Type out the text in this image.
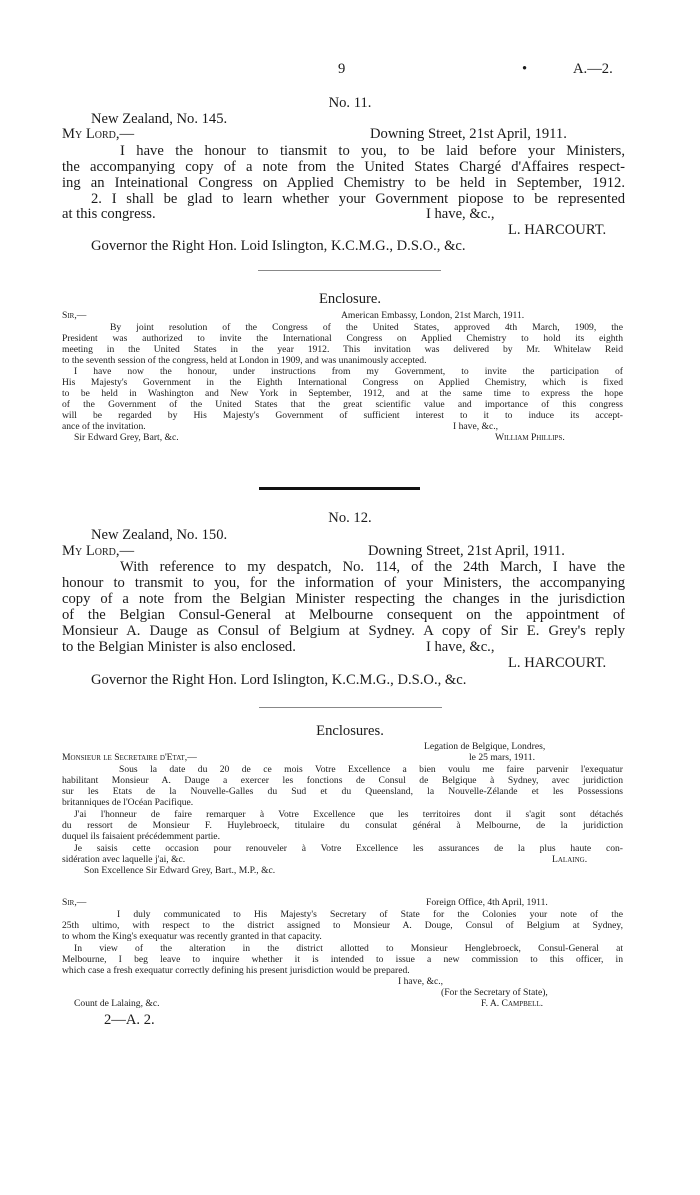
9	•	A.—2.
No. 11.
New Zealand, No. 145.
My Lord,—	Downing Street, 21st April, 1911.
I have the honour to tiansmit to you, to be laid before your Ministers,
the accompanying copy of a note from the United States Chargé d'Affaires respect-
ing an Inteinational Congress on Applied Chemistry to be held in September, 1912.
2. I shall be glad to learn whether your Government piopose to be represented
at this congress.	I have, &c.,
L. HARCOURT.
Governor the Right Hon. Loid Islington, K.C.M.G., D.S.O., &c.
Enclosure.
Sir,—	American Embassy, London, 21st March, 1911.
By joint resolution of the Congress of the United States, approved 4th March, 1909, the
President was authorized to invite the International Congress on Applied Chemistry to hold its eighth
meeting in the United States in the year 1912. This invitation was delivered by Mr. Whitelaw Reid
to the seventh session of the congress, held at London in 1909, and was unanimously accepted.
I have now the honour, under instructions from my Government, to invite the participation of
His Majesty's Government in the Eighth International Congress on Applied Chemistry, which is fixed
to be held in Washington and New York in September, 1912, and at the same time to express the hope
of the Government of the United States that the great scientific value and importance of this congress
will be regarded by His Majesty's Government of sufficient interest to it to induce its accept-
ance of the invitation.	I have, &c.,
Sir Edward Grey, Bart, &c.	William Phillips.
No. 12.
New Zealand, No. 150.
My Lord,—	Downing Street, 21st April, 1911.
With reference to my despatch, No. 114, of the 24th March, I have the
honour to transmit to you, for the information of your Ministers, the accompanying
copy of a note from the Belgian Minister respecting the changes in the jurisdiction
of the Belgian Consul-General at Melbourne consequent on the appointment of
Monsieur A. Dauge as Consul of Belgium at Sydney. A copy of Sir E. Grey's reply
to the Belgian Minister is also enclosed.	I have, &c.,
L. HARCOURT.
Governor the Right Hon. Lord Islington, K.C.M.G., D.S.O., &c.
Enclosures.
Legation de Belgique, Londres,
Monsieur le Secretaire d'Etat,—	le 25 mars, 1911.
Sous la date du 20 de ce mois Votre Excellence a bien voulu me faire parvenir l'exequatur
habilitant Monsieur A. Dauge a exercer les fonctions de Consul de Belgique à Sydney, avec juridiction
sur les Etats de la Nouvelle-Galles du Sud et du Queensland, la Nouvelle-Zélande et les Possessions
britanniques de l'Océan Pacifique.
J'ai l'honneur de faire remarquer à Votre Excellence que les territoires dont il s'agit sont détachés
du ressort de Monsieur F. Huylebroeck, titulaire du consulat général à Melbourne, de la juridiction
duquel ils faisaient précédemment partie.
Je saisis cette occasion pour renouveler à Votre Excellence les assurances de la plus haute con-
sidération avec laquelle j'ai, &c.	Lalaing.
Son Excellence Sir Edward Grey, Bart., M.P., &c.
Sir,—	Foreign Office, 4th April, 1911.
I duly communicated to His Majesty's Secretary of State for the Colonies your note of the
25th ultimo, with respect to the district assigned to Monsieur A. Douge, Consul of Belgium at Sydney,
to whom the King's exequatur was recently granted in that capacity.
In view of the alteration in the district allotted to Monsieur Henglebroeck, Consul-General at
Melbourne, I beg leave to inquire whether it is intended to issue a new commission to this officer, in
which case a fresh exequatur correctly defining his present jurisdiction would be prepared.
I have, &c.,
(For the Secretary of State),
Count de Lalaing, &c.	F. A. Campbell.
2—A. 2.
